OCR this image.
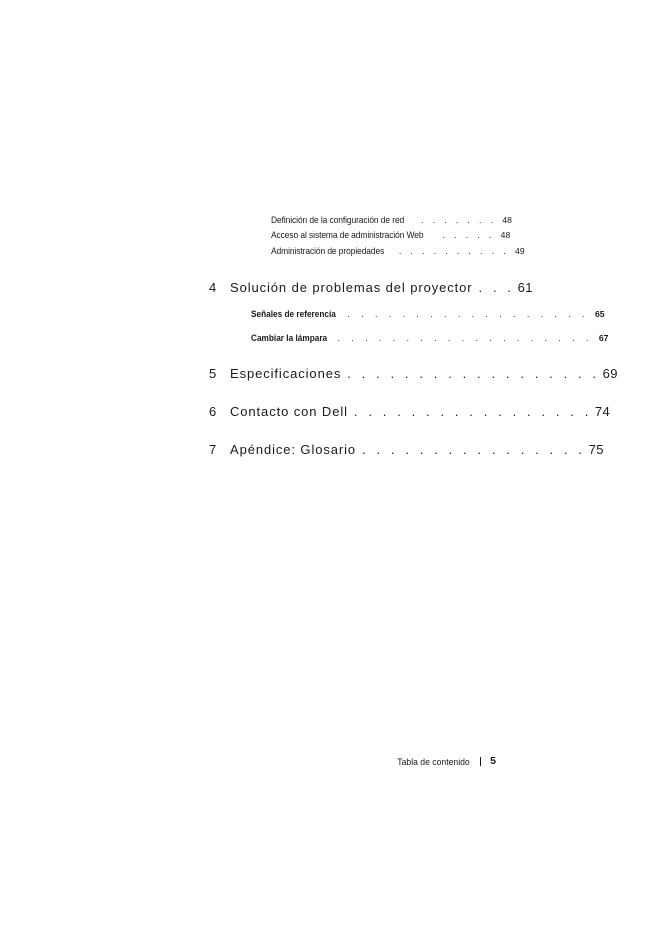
Definición de la configuración de red . . . . . . . 48
Acceso al sistema de administración Web . . . . . 48
Administración de propiedades . . . . . . . . . . 49
4	Solución de problemas del proyector . . . 61
Señales de referencia . . . . . . . . . . . . . . . . . . 65
Cambiar la lámpara . . . . . . . . . . . . . . . . . . . 67
5	Especificaciones . . . . . . . . . . . . . . . . . . 69
6	Contacto con Dell . . . . . . . . . . . . . . . . . 74
7	Apéndice: Glosario . . . . . . . . . . . . . . . . 75
Tabla de contenido 5
